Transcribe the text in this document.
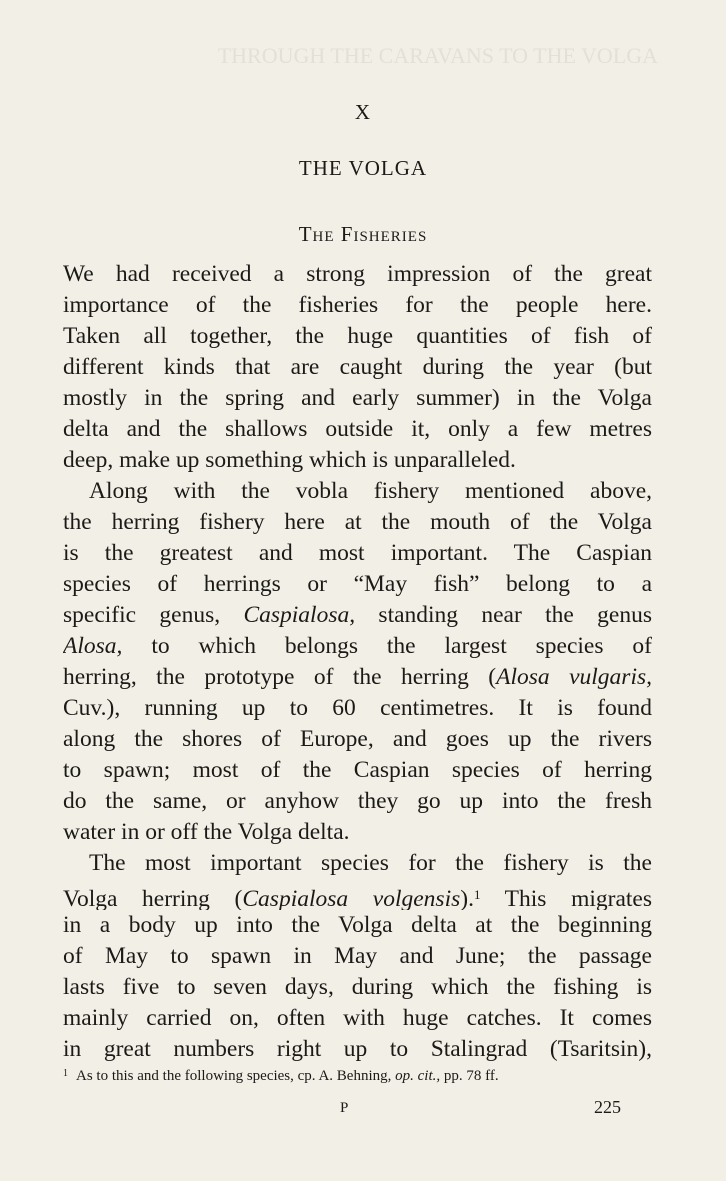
THROUGH THE CARAVANS TO THE VOLGA
X
THE VOLGA
The Fisheries
We had received a strong impression of the great
importance of the fisheries for the people here.
Taken all together, the huge quantities of fish of
different kinds that are caught during the year (but
mostly in the spring and early summer) in the Volga
delta and the shallows outside it, only a few metres
deep, make up something which is unparalleled.
Along with the vobla fishery mentioned above,
the herring fishery here at the mouth of the Volga
is the greatest and most important. The Caspian
species of herrings or “May fish” belong to a
specific genus, Caspialosa, standing near the genus
Alosa, to which belongs the largest species of
herring, the prototype of the herring (Alosa vulgaris,
Cuv.), running up to 60 centimetres. It is found
along the shores of Europe, and goes up the rivers
to spawn; most of the Caspian species of herring
do the same, or anyhow they go up into the fresh
water in or off the Volga delta.
The most important species for the fishery is the
Volga herring (Caspialosa volgensis).$^1$ This migrates
in a body up into the Volga delta at the beginning
of May to spawn in May and June; the passage
lasts five to seven days, during which the fishing is
mainly carried on, often with huge catches. It comes
in great numbers right up to Stalingrad (Tsaritsin),
$^1$ As to this and the following species, cp. A. Behning, op. cit., pp. 78 ff.
P	225
